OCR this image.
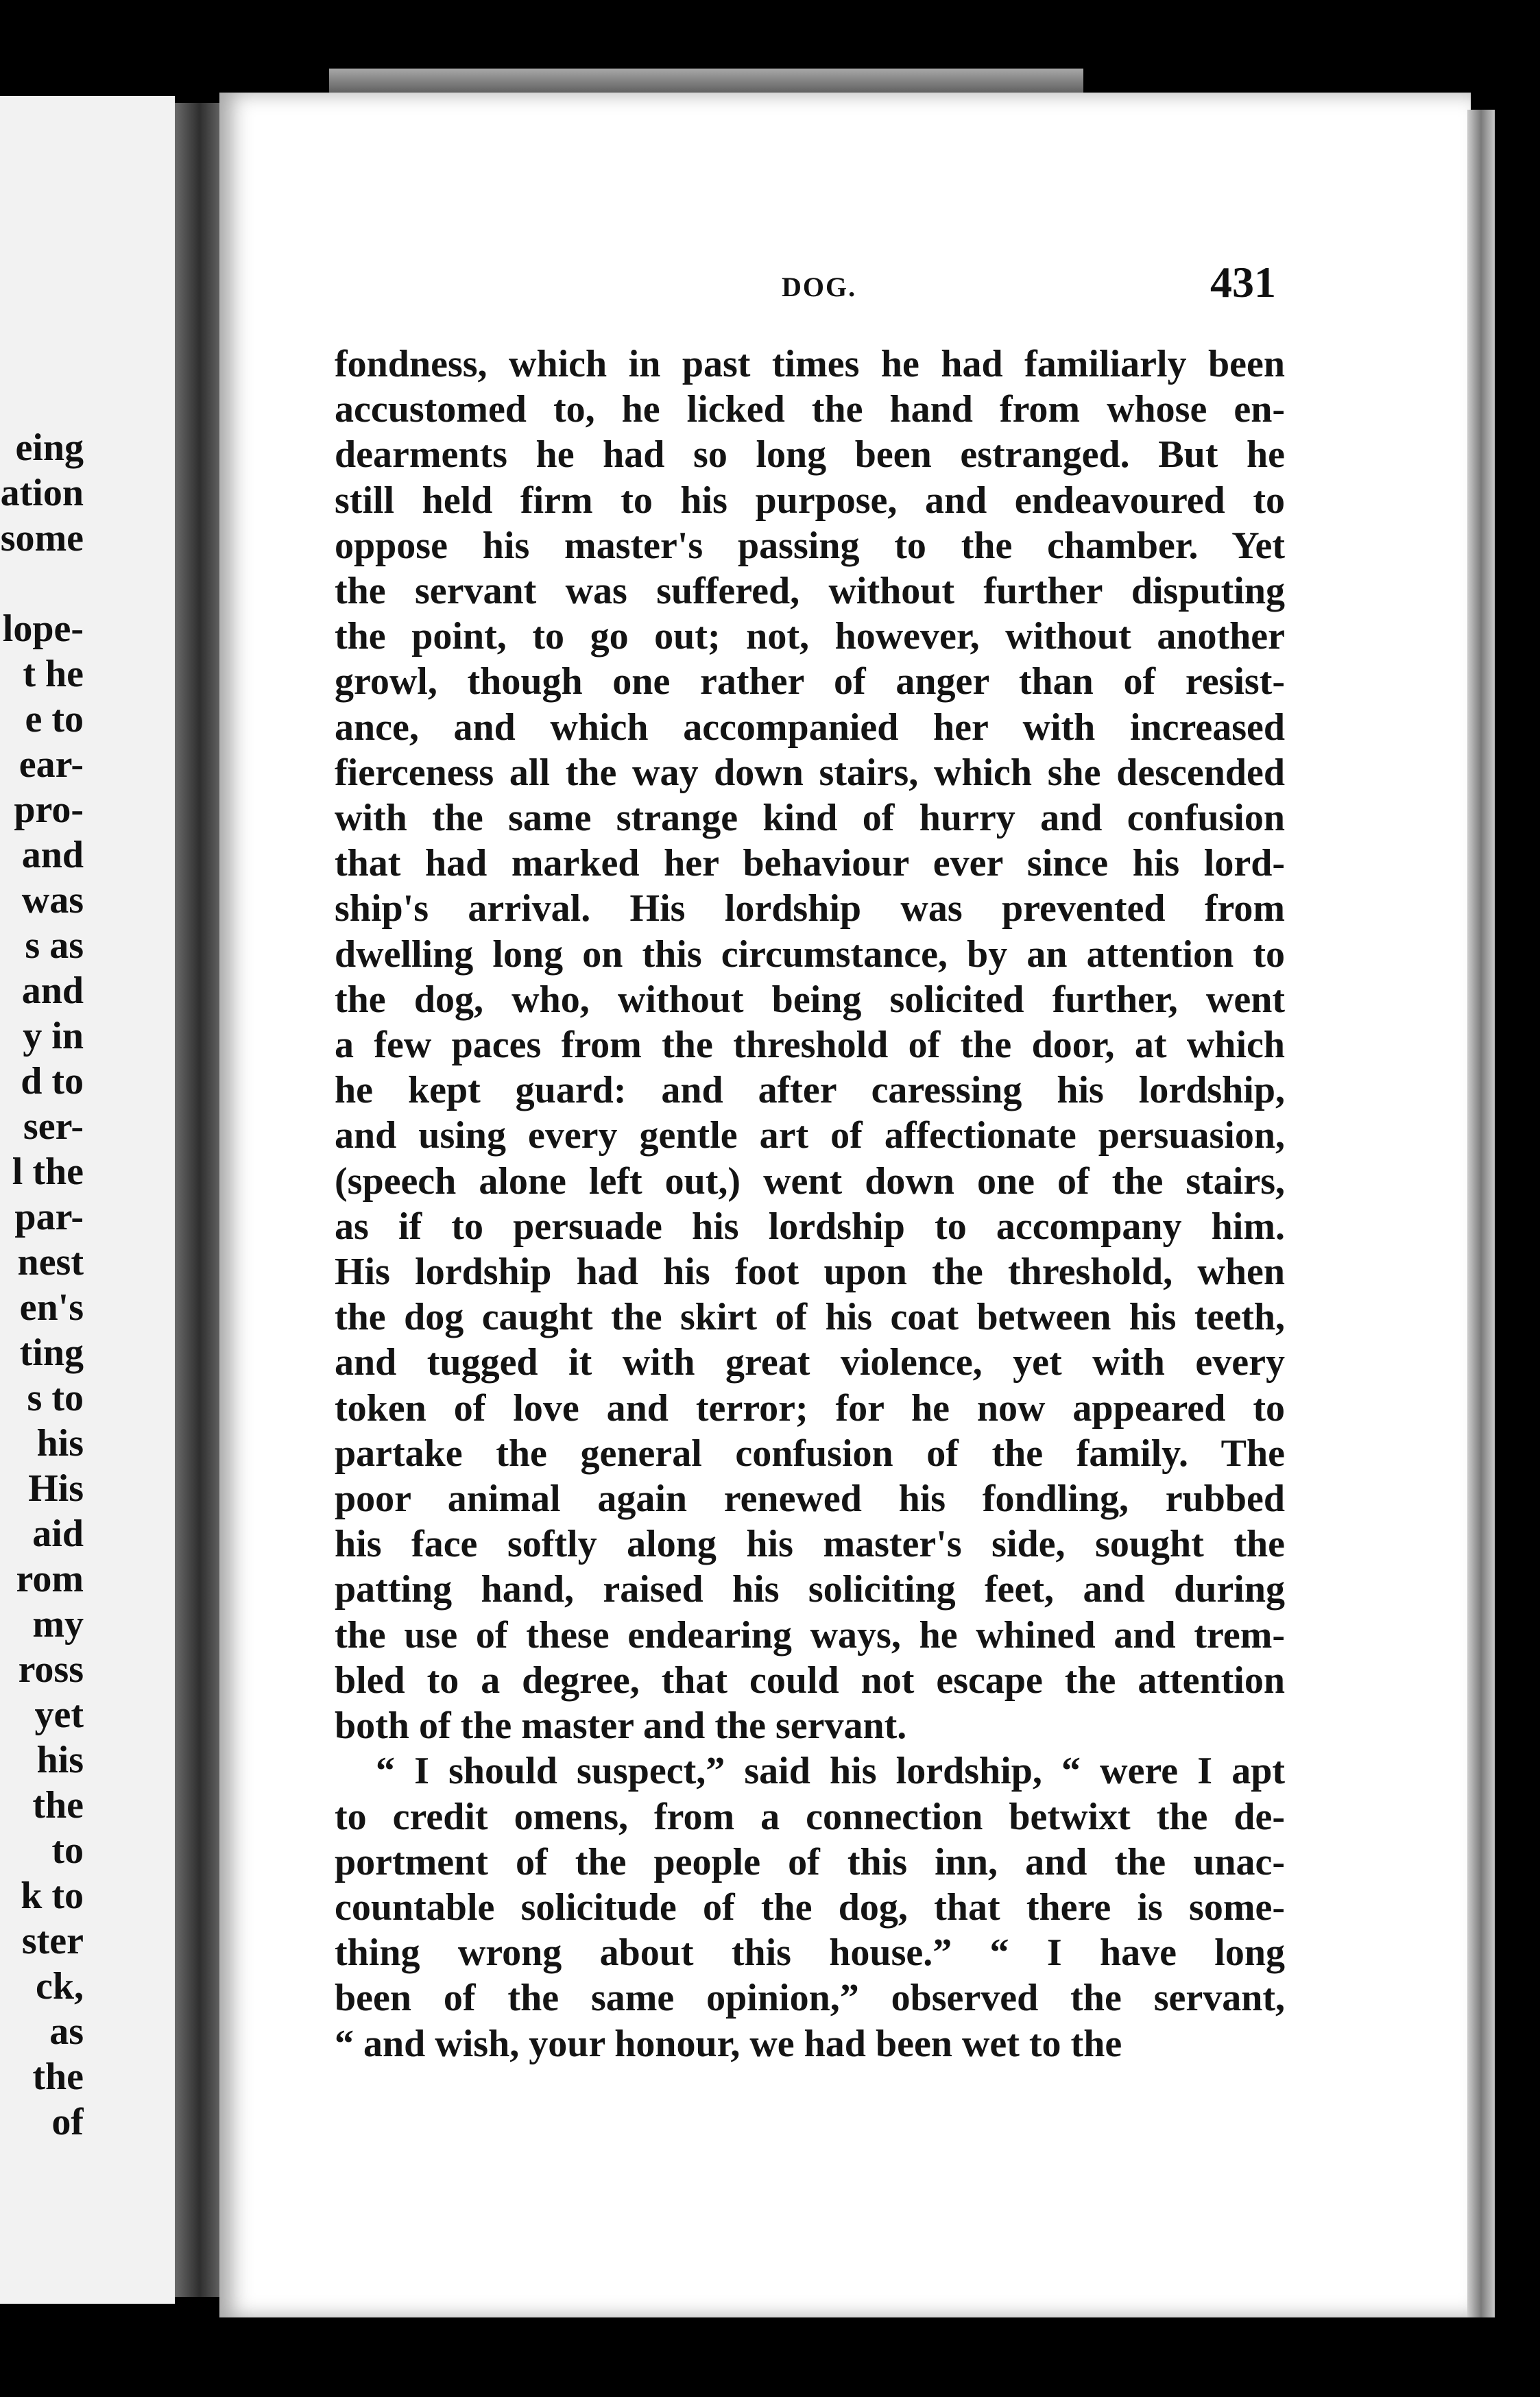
eing
ation
some

lope-
t he
e to
ear-
pro-
and
was
s as
and
y in
d to
ser-
l the
par-
nest
en's
ting
s to
his
His
aid
rom
my
ross
yet
his
the
to
k to
ster
ck,
as
the
of
DOG.	431
fondness, which in past times he had familiarly been
accustomed to, he licked the hand from whose en-
dearments he had so long been estranged. But he
still held firm to his purpose, and endeavoured to
oppose his master's passing to the chamber. Yet
the servant was suffered, without further disputing
the point, to go out; not, however, without another
growl, though one rather of anger than of resist-
ance, and which accompanied her with increased
fierceness all the way down stairs, which she descended
with the same strange kind of hurry and confusion
that had marked her behaviour ever since his lord-
ship's arrival. His lordship was prevented from
dwelling long on this circumstance, by an attention to
the dog, who, without being solicited further, went
a few paces from the threshold of the door, at which
he kept guard: and after caressing his lordship,
and using every gentle art of affectionate persuasion,
(speech alone left out,) went down one of the stairs,
as if to persuade his lordship to accompany him.
His lordship had his foot upon the threshold, when
the dog caught the skirt of his coat between his teeth,
and tugged it with great violence, yet with every
token of love and terror; for he now appeared to
partake the general confusion of the family. The
poor animal again renewed his fondling, rubbed
his face softly along his master's side, sought the
patting hand, raised his soliciting feet, and during
the use of these endearing ways, he whined and trem-
bled to a degree, that could not escape the attention
both of the master and the servant.
“ I should suspect,” said his lordship, “ were I apt
to credit omens, from a connection betwixt the de-
portment of the people of this inn, and the unac-
countable solicitude of the dog, that there is some-
thing wrong about this house.” “ I have long
been of the same opinion,” observed the servant,
“ and wish, your honour, we had been wet to the
